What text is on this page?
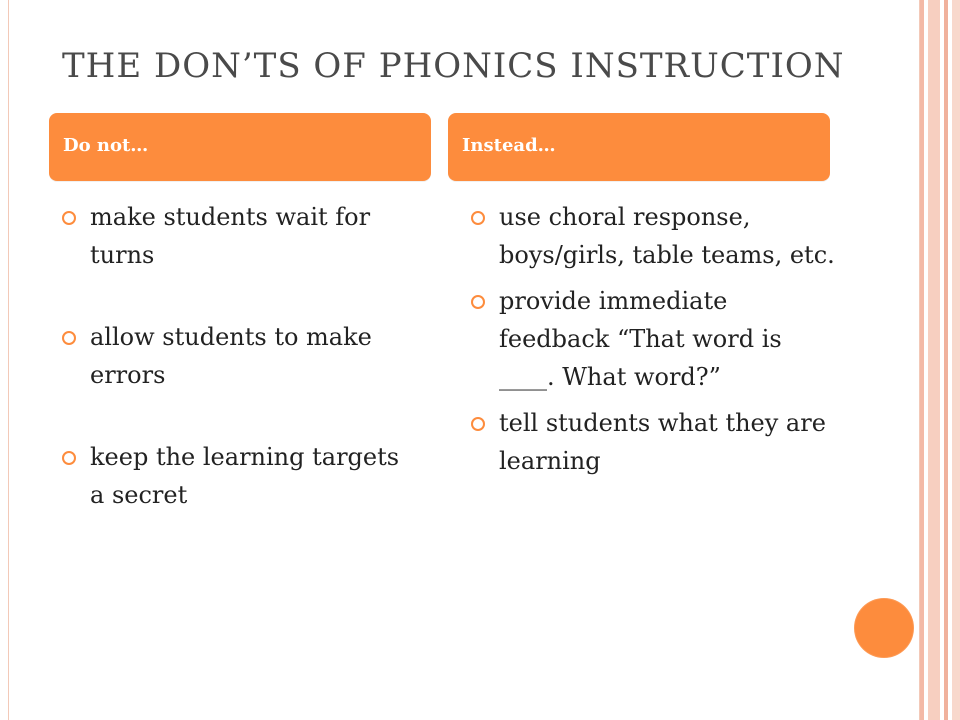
THE DON’TS OF PHONICS INSTRUCTION
Do not…	Instead…
make students wait for turns
allow students to make errors
keep the learning targets a secret
use choral response, boys/girls, table teams, etc.
provide immediate feedback “That word is ____. What word?”
tell students what they are learning
